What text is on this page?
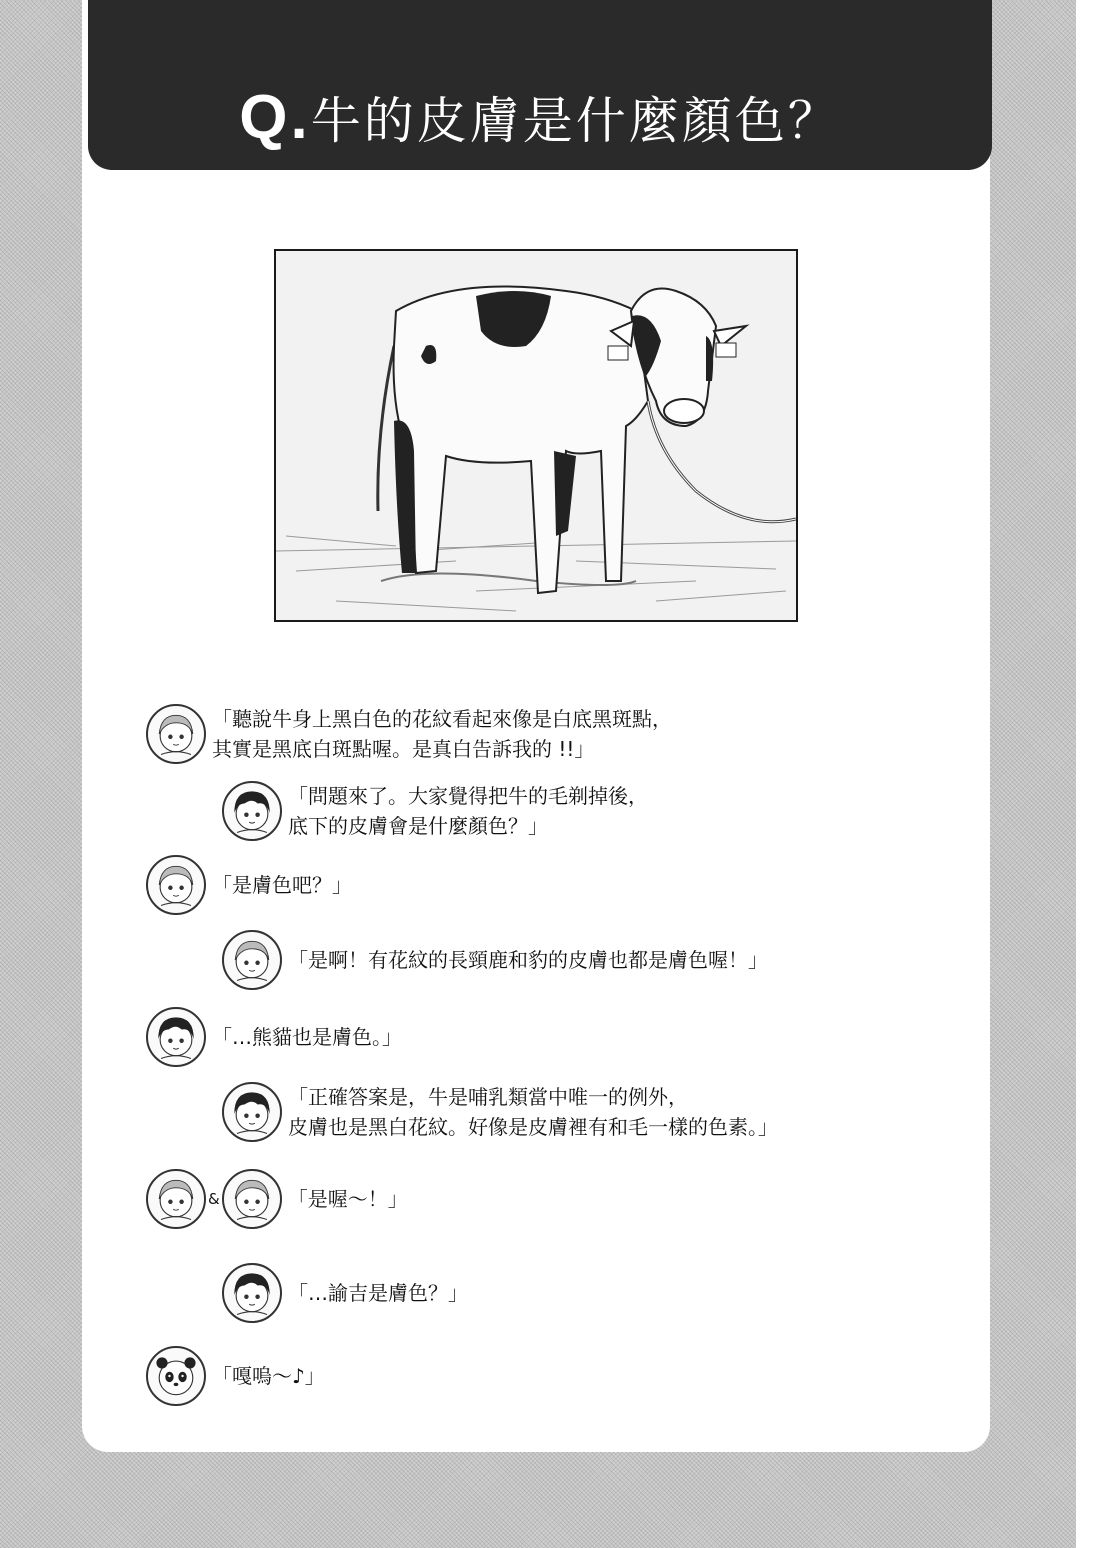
Q.牛的皮膚是什麼顏色？
「聽說牛身上黑白色的花紋看起來像是白底黑斑點，
其實是黑底白斑點喔。是真白告訴我的 !!」
「問題來了。大家覺得把牛的毛剃掉後，
底下的皮膚會是什麼顏色？」
「是膚色吧？」
「是啊！有花紋的長頸鹿和豹的皮膚也都是膚色喔！」
「…熊貓也是膚色。」
「正確答案是，牛是哺乳類當中唯一的例外，
皮膚也是黑白花紋。好像是皮膚裡有和毛一樣的色素。」
&	「是喔～！」
「…諭吉是膚色？」
「嘎嗚～♪」
